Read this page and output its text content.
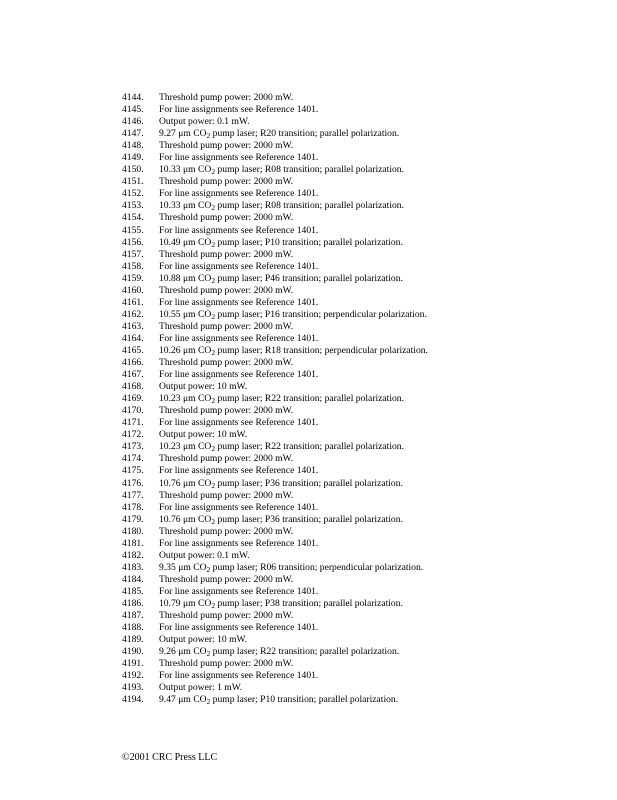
4144.	Threshold pump power: 2000 mW.
4145.	For line assignments see Reference 1401.
4146.	Output power: 0.1 mW.
4147.	9.27 μm $CO_2$ pump laser; R20 transition; parallel polarization.
4148.	Threshold pump power: 2000 mW.
4149.	For line assignments see Reference 1401.
4150.	10.33 μm $CO_2$ pump laser; R08 transition; parallel polarization.
4151.	Threshold pump power: 2000 mW.
4152.	For line assignments see Reference 1401.
4153.	10.33 μm $CO_2$ pump laser; R08 transition; parallel polarization.
4154.	Threshold pump power: 2000 mW.
4155.	For line assignments see Reference 1401.
4156.	10.49 μm $CO_2$ pump laser; P10 transition; parallel polarization.
4157.	Threshold pump power: 2000 mW.
4158.	For line assignments see Reference 1401.
4159.	10.88 μm $CO_2$ pump laser; P46 transition; parallel polarization.
4160.	Threshold pump power: 2000 mW.
4161.	For line assignments see Reference 1401.
4162.	10.55 μm $CO_2$ pump laser; P16 transition; perpendicular polarization.
4163.	Threshold pump power: 2000 mW.
4164.	For line assignments see Reference 1401.
4165.	10.26 μm $CO_2$ pump laser; R18 transition; perpendicular polarization.
4166.	Threshold pump power: 2000 mW.
4167.	For line assignments see Reference 1401.
4168.	Output power: 10 mW.
4169.	10.23 μm $CO_2$ pump laser; R22 transition; parallel polarization.
4170.	Threshold pump power: 2000 mW.
4171.	For line assignments see Reference 1401.
4172.	Output power: 10 mW.
4173.	10.23 μm $CO_2$ pump laser; R22 transition; parallel polarization.
4174.	Threshold pump power: 2000 mW.
4175.	For line assignments see Reference 1401.
4176.	10.76 μm $CO_2$ pump laser; P36 transition; parallel polarization.
4177.	Threshold pump power: 2000 mW.
4178.	For line assignments see Reference 1401.
4179.	10.76 μm $CO_2$ pump laser; P36 transition; parallel polarization.
4180.	Threshold pump power: 2000 mW.
4181.	For line assignments see Reference 1401.
4182.	Output power: 0.1 mW.
4183.	9.35 μm $CO_2$ pump laser; R06 transition; perpendicular polarization.
4184.	Threshold pump power: 2000 mW.
4185.	For line assignments see Reference 1401.
4186.	10.79 μm $CO_2$ pump laser; P38 transition; parallel polarization.
4187.	Threshold pump power: 2000 mW.
4188.	For line assignments see Reference 1401.
4189.	Output power: 10 mW.
4190.	9.26 μm $CO_2$ pump laser; R22 transition; parallel polarization.
4191.	Threshold pump power: 2000 mW.
4192.	For line assignments see Reference 1401.
4193.	Output power: 1 mW.
4194.	9.47 μm $CO_2$ pump laser; P10 transition; parallel polarization.
©2001 CRC Press LLC
